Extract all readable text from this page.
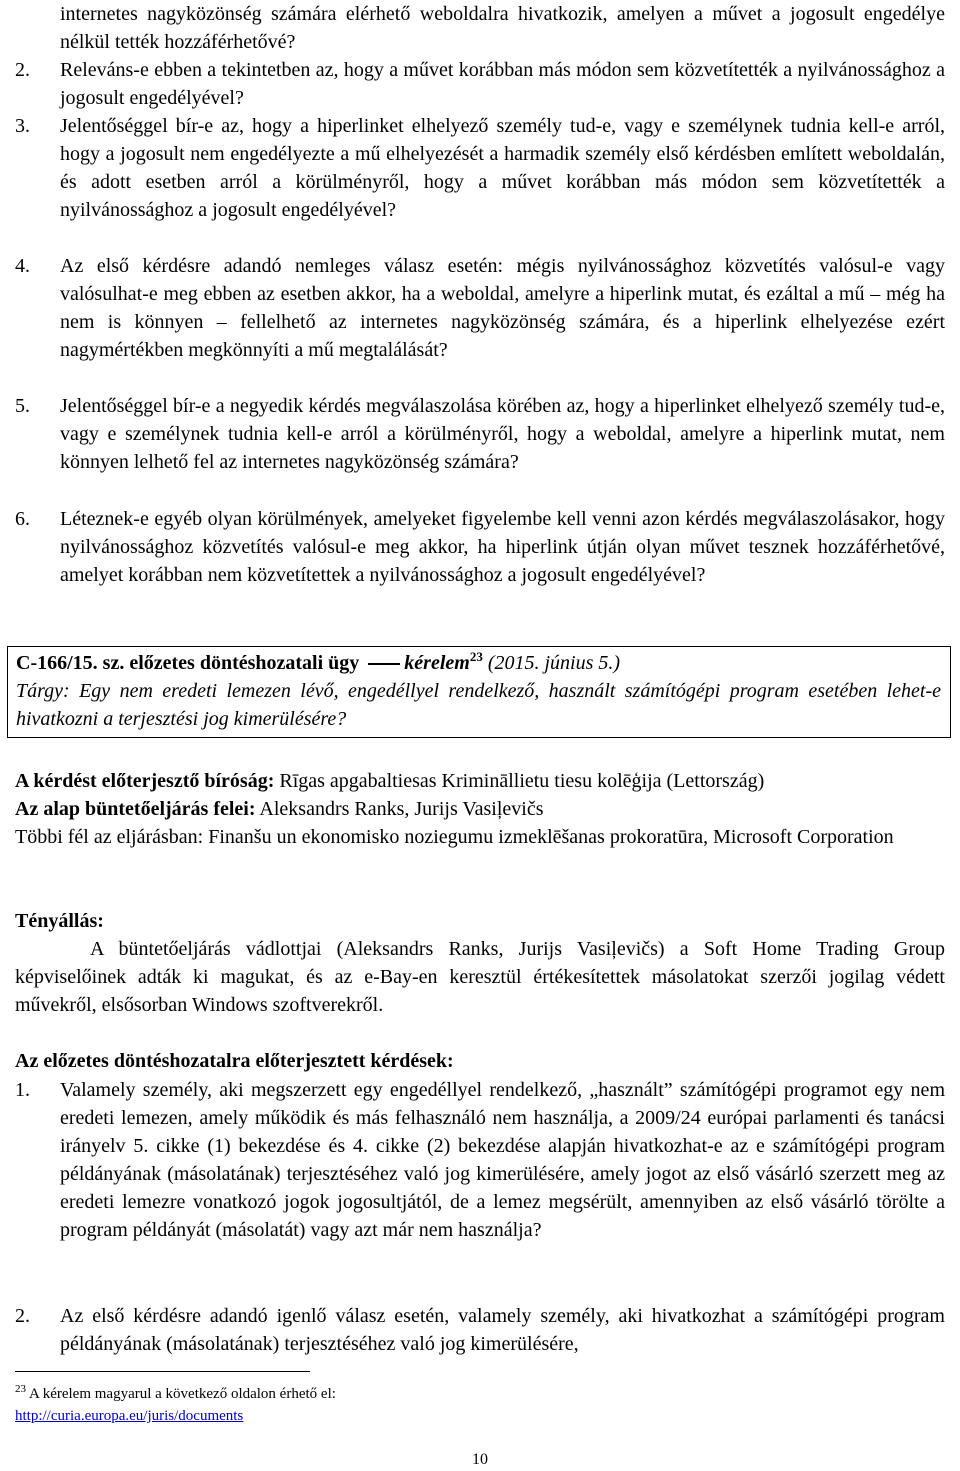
internetes nagyközönség számára elérhető weboldalra hivatkozik, amelyen a művet a jogosult engedélye nélkül tették hozzáférhetővé?
2. Releváns-e ebben a tekintetben az, hogy a művet korábban más módon sem közvetítették a nyilvánossághoz a jogosult engedélyével?
3. Jelentőséggel bír-e az, hogy a hiperlinket elhelyező személy tud-e, vagy e személynek tudnia kell-e arról, hogy a jogosult nem engedélyezte a mű elhelyezését a harmadik személy első kérdésben említett weboldalán, és adott esetben arról a körülményről, hogy a művet korábban más módon sem közvetítették a nyilvánossághoz a jogosult engedélyével?
4. Az első kérdésre adandó nemleges válasz esetén: mégis nyilvánossághoz közvetítés valósul-e vagy valósulhat-e meg ebben az esetben akkor, ha a weboldal, amelyre a hiperlink mutat, és ezáltal a mű – még ha nem is könnyen – fellelhető az internetes nagyközönség számára, és a hiperlink elhelyezése ezért nagymértékben megkönnyíti a mű megtalálását?
5. Jelentőséggel bír-e a negyedik kérdés megválaszolása körében az, hogy a hiperlinket elhelyező személy tud-e, vagy e személynek tudnia kell-e arról a körülményről, hogy a weboldal, amelyre a hiperlink mutat, nem könnyen lelhető fel az internetes nagyközönség számára?
6. Léteznek-e egyéb olyan körülmények, amelyeket figyelembe kell venni azon kérdés megválaszolásakor, hogy nyilvánossághoz közvetítés valósul-e meg akkor, ha hiperlink útján olyan művet tesznek hozzáférhetővé, amelyet korábban nem közvetítettek a nyilvánossághoz a jogosult engedélyével?
C-166/15. sz. előzetes döntéshozatali ügy kérelem$^{23}$ (2015. június 5.)
Tárgy: Egy nem eredeti lemezen lévő, engedéllyel rendelkező, használt számítógépi program esetében lehet-e hivatkozni a terjesztési jog kimerülésére?
A kérdést előterjesztő bíróság: Rīgas apgabaltiesas Krimināllietu tiesu kolēģija (Lettország)
Az alap büntetőeljárás felei: Aleksandrs Ranks, Jurijs Vasiļevičs
Többi fél az eljárásban: Finanšu un ekonomisko noziegumu izmeklēšanas prokoratūra, Microsoft Corporation
Tényállás:
A büntetőeljárás vádlottjai (Aleksandrs Ranks, Jurijs Vasiļevičs) a Soft Home Trading Group képviselőinek adták ki magukat, és az e-Bay-en keresztül értékesítettek másolatokat szerzői jogilag védett művekről, elsősorban Windows szoftverekről.
Az előzetes döntéshozatalra előterjesztett kérdések:
1. Valamely személy, aki megszerzett egy engedéllyel rendelkező, „használt” számítógépi programot egy nem eredeti lemezen, amely működik és más felhasználó nem használja, a 2009/24 európai parlamenti és tanácsi irányelv 5. cikke (1) bekezdése és 4. cikke (2) bekezdése alapján hivatkozhat-e az e számítógépi program példányának (másolatának) terjesztéséhez való jog kimerülésére, amely jogot az első vásárló szerzett meg az eredeti lemezre vonatkozó jogok jogosultjától, de a lemez megsérült, amennyiben az első vásárló törölte a program példányát (másolatát) vagy azt már nem használja?
2. Az első kérdésre adandó igenlő válasz esetén, valamely személy, aki hivatkozhat a számítógépi program példányának (másolatának) terjesztéséhez való jog kimerülésére,
$^{23}$ A kérelem magyarul a következő oldalon érhető el:
http://curia.europa.eu/juris/documents
10
